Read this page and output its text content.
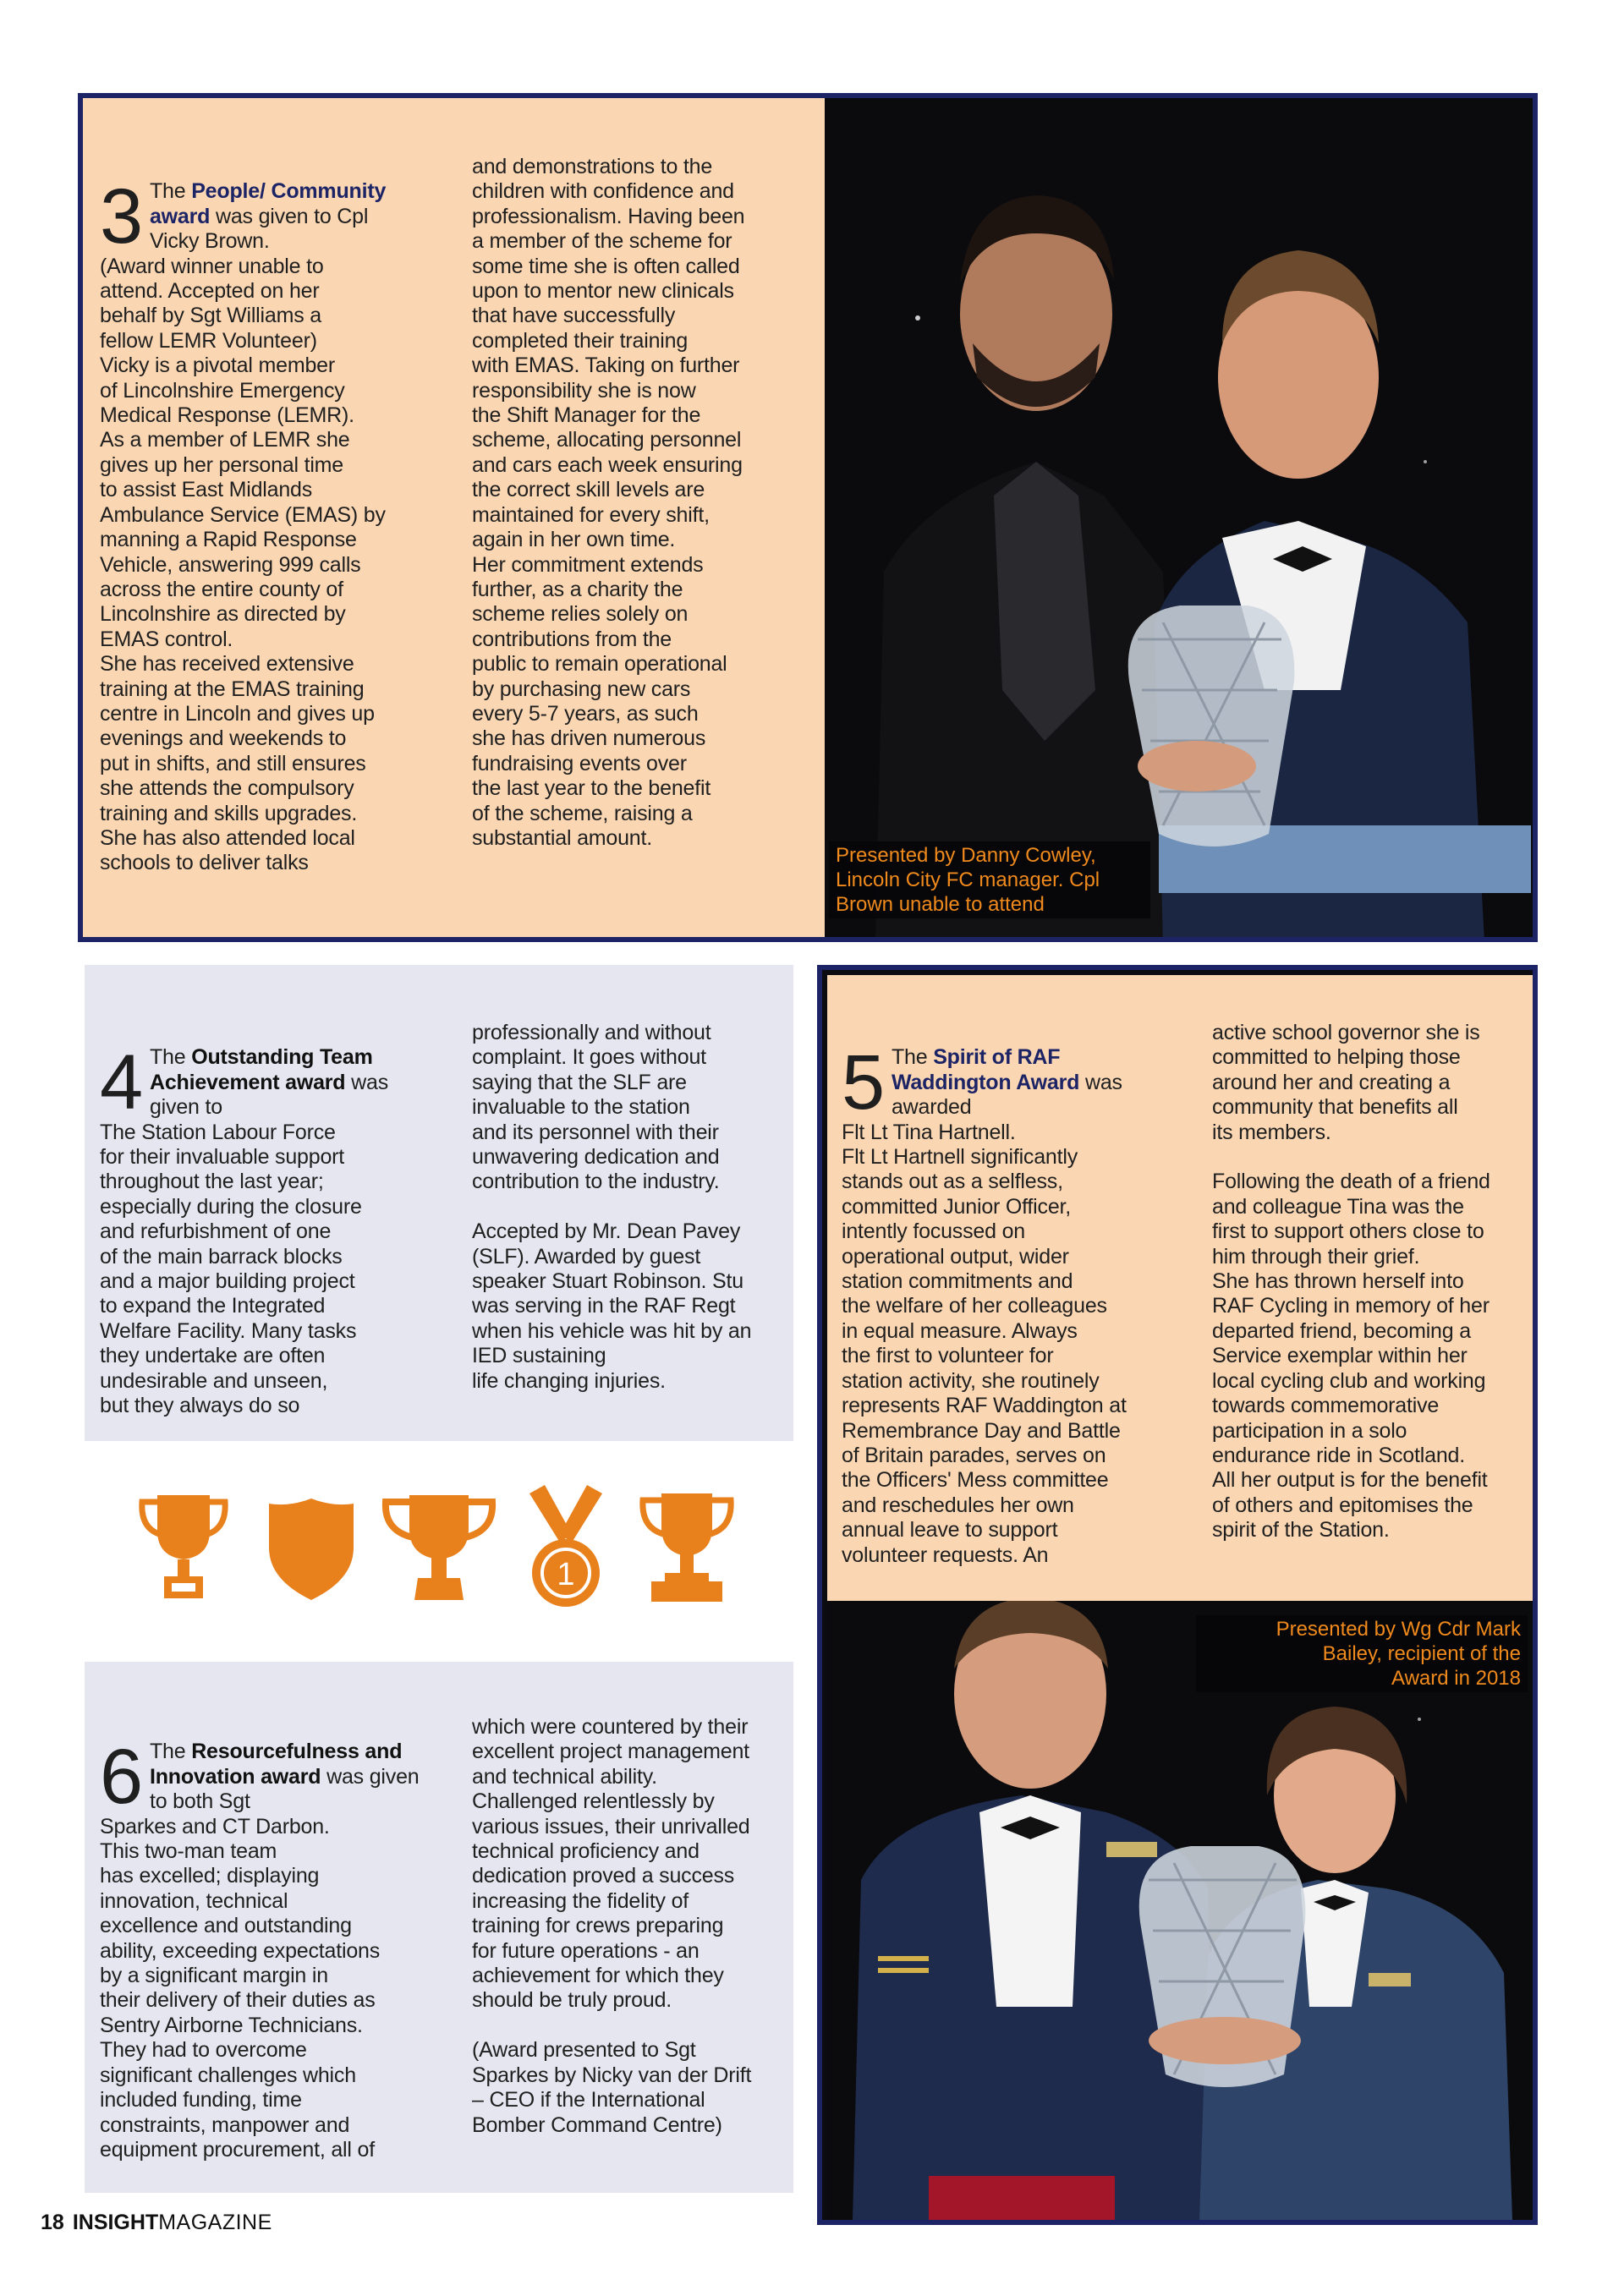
3 The People/ Community award was given to Cpl Vicky Brown.
(Award winner unable to
attend. Accepted on her
behalf by Sgt Williams a
fellow LEMR Volunteer)
Vicky is a pivotal member
of Lincolnshire Emergency
Medical Response (LEMR).
As a member of LEMR she
gives up her personal time
to assist East Midlands
Ambulance Service (EMAS) by
manning a Rapid Response
Vehicle, answering 999 calls
across the entire county of
Lincolnshire as directed by
EMAS control.
She has received extensive
training at the EMAS training
centre in Lincoln and gives up
evenings and weekends to
put in shifts, and still ensures
she attends the compulsory
training and skills upgrades.
She has also attended local
schools to deliver talks

and demonstrations to the
children with confidence and
professionalism. Having been
a member of the scheme for
some time she is often called
upon to mentor new clinicals
that have successfully
completed their training
with EMAS. Taking on further
responsibility she is now
the Shift Manager for the
scheme, allocating personnel
and cars each week ensuring
the correct skill levels are
maintained for every shift,
again in her own time.
Her commitment extends
further, as a charity the
scheme relies solely on
contributions from the
public to remain operational
by purchasing new cars
every 5-7 years, as such
she has driven numerous
fundraising events over
the last year to the benefit
of the scheme, raising a
substantial amount.
Presented by Danny Cowley,
Lincoln City FC manager. Cpl
Brown unable to attend

4 The Outstanding Team Achievement award was given to
The Station Labour Force
for their invaluable support
throughout the last year;
especially during the closure
and refurbishment of one
of the main barrack blocks
and a major building project
to expand the Integrated
Welfare Facility. Many tasks
they undertake are often
undesirable and unseen,
but they always do so

professionally and without
complaint. It goes without
saying that the SLF are
invaluable to the station
and its personnel with their
unwavering dedication and
contribution to the industry.

Accepted by Mr. Dean Pavey
(SLF). Awarded by guest
speaker Stuart Robinson. Stu
was serving in the RAF Regt
when his vehicle was hit by an
IED sustaining
life changing injuries.
1

5 The Spirit of RAF Waddington Award was awarded
Flt Lt Tina Hartnell.
Flt Lt Hartnell significantly
stands out as a selfless,
committed Junior Officer,
intently focussed on
operational output, wider
station commitments and
the welfare of her colleagues
in equal measure. Always
the first to volunteer for
station activity, she routinely
represents RAF Waddington at
Remembrance Day and Battle
of Britain parades, serves on
the Officers' Mess committee
and reschedules her own
annual leave to support
volunteer requests. An

active school governor she is
committed to helping those
around her and creating a
community that benefits all
its members.

Following the death of a friend
and colleague Tina was the
first to support others close to
him through their grief.
She has thrown herself into
RAF Cycling in memory of her
departed friend, becoming a
Service exemplar within her
local cycling club and working
towards commemorative
participation in a solo
endurance ride in Scotland.
All her output is for the benefit
of others and epitomises the
spirit of the Station.
Presented by Wg Cdr Mark
Bailey, recipient of the
Award in 2018

6 The Resourcefulness and Innovation award was given to both Sgt
Sparkes and CT Darbon.
This two-man team
has excelled; displaying
innovation, technical
excellence and outstanding
ability, exceeding expectations
by a significant margin in
their delivery of their duties as
Sentry Airborne Technicians.
They had to overcome
significant challenges which
included funding, time
constraints, manpower and
equipment procurement, all of

which were countered by their
excellent project management
and technical ability.
Challenged relentlessly by
various issues, their unrivalled
technical proficiency and
dedication proved a success
increasing the fidelity of
training for crews preparing
for future operations - an
achievement for which they
should be truly proud.

(Award presented to Sgt
Sparkes by Nicky van der Drift
– CEO if the International
Bomber Command Centre)
18 INSIGHTMAGAZINE
